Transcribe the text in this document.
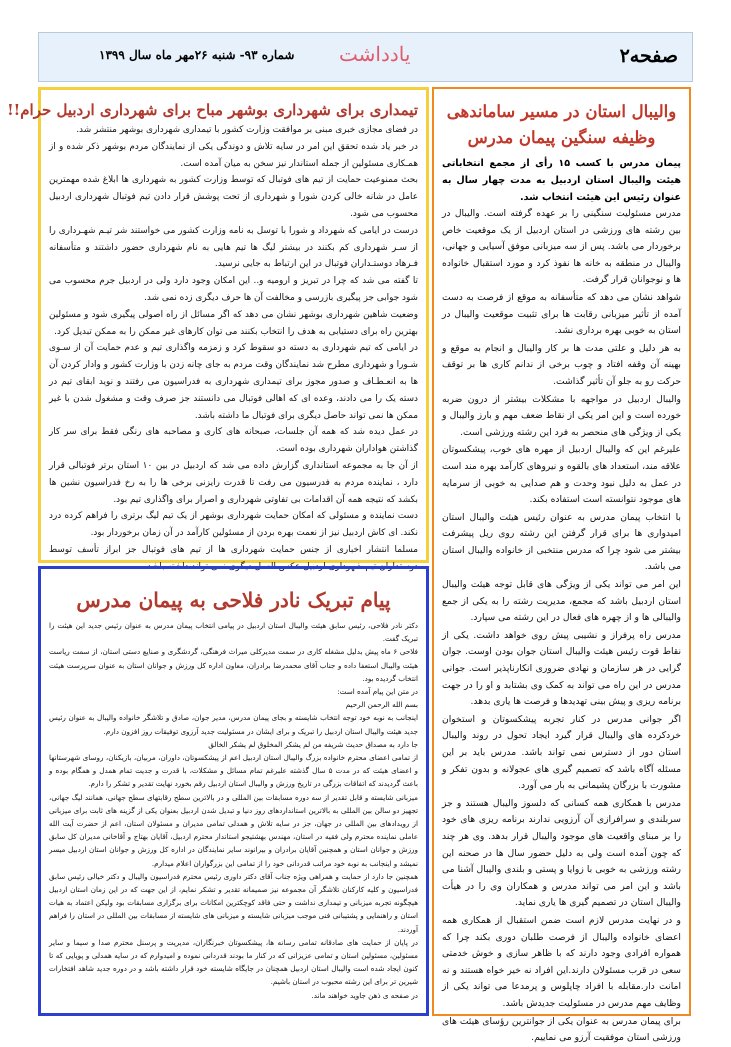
صفحه۲
یادداشت
شماره ۹۳- شنبه ۲۶مهر ماه سال ۱۳۹۹
والیبال استان در مسیر ساماندهی
وظیفه سنگین پیمان مدرس
پیمان مدرس با کسب ۱۵ رأی از مجمع انتخاباتی هیئت والیبال استان اردبیل به مدت چهار سال به عنوان رئیس این هیئت انتخاب شد.

مدرس مسئولیت سنگینی را بر عهده گرفته است. والیبال در بین رشته های ورزشی در استان اردبیل از یک موقعیت خاص برخوردار می باشد. پس از سه میزبانی موفق آسیایی و جهانی، والیبال در منطقه به خانه ها نفوذ کرد و مورد استقبال خانواده ها و نوجوانان قرار گرفت.

شواهد نشان می دهد که متأسفانه به موقع از فرصت به دست آمده از تأثیر میزبانی رقابت ها برای تثبیت موقعیت والیبال در استان به خوبی بهره برداری نشد.

به هر دلیل و علتی مدت ها بر کار والیبال و انجام به موقع و بهینه آن وقفه افتاد و چوب برخی از ندانم کاری ها بر توقف حرکت رو به جلو آن تأثیر گذاشت.

والیبال اردبیل در مواجهه با مشکلات بیشتر از درون ضربه خورده است و این امر یکی از نقاط ضعف مهم و بارز والیبال و یکی از ویژگی های منحصر به فرد این رشته ورزشی است.

علیرغم این که والیبال اردبیل از مهره های خوب، پیشکسوتان علاقه مند، استعداد های بالقوه و نیروهای کارآمد بهره مند است در عمل به دلیل نبود وحدت و هم صدایی به خوبی از سرمایه های موجود نتوانسته است استفاده بکند.

با انتخاب پیمان مدرس به عنوان رئیس هیئت والیبال استان امیدواری ها برای قرار گرفتن این رشته روی ریل پیشرفت بیشتر می شود چرا که مدرس منتخبی از خانواده والیبال استان می باشد.

این امر می تواند یکی از ویژگی های قابل توجه هیئت والیبال استان اردبیل باشد که مجمع، مدیریت رشته را به یکی از جمع والیبالی ها و از چهره های فعال در این رشته می سپارد.

مدرس راه پرفراز و نشیبی پیش روی خواهد داشت. یکی از نقاط قوت رئیس هیئت والیبال استان جوان بودن اوست. جوان گرایی در هر سازمان و نهادی ضروری انکارناپذیر است. جوانی مدرس در این راه می تواند به کمک وی بشتابد و او را در جهت برنامه ریزی و پیش بینی تهدیدها و فرصت ها یاری بدهد.

اگر جوانی مدرس در کنار تجربه پیشکسوتان و استخوان خردکرده های والیبال قرار گیرد ایجاد تحول در روند والیبال استان دور از دسترس نمی تواند باشد. مدرس باید بر این مسئله آگاه باشد که تصمیم گیری های عجولانه و بدون تفکر و مشورت با بزرگان پشیمانی به بار می آورد.

مدرس با همکاری همه کسانی که دلسوز والیبال هستند و جز سربلندی و سرافرازی آن آرزویی ندارند برنامه ریزی های خود را بر مبنای واقعیت های موجود والیبال قرار بدهد. وی هر چند که چون آمده است ولی به دلیل حضور سال ها در صحنه این رشته ورزشی به خوبی با زوایا و پستی و بلندی والیبال آشنا می باشد و این امر می تواند مدرس و همکاران وی را در هیأت والیبال استان در تصمیم گیری ها یاری نماید.

و در نهایت مدرس لازم است ضمن استقبال از همکاری همه اعضای خانواده والیبال از فرصت طلبان دوری بکند چرا که همواره افرادی وجود دارند که با ظاهر سازی و خوش خدمتی سعی در قرب مسئولان دارند.این افراد نه خیر خواه هستند و نه امانت دار.مقابله با افراد چاپلوس و پرمدعا می تواند یکی از وظایف مهم مدرس در مسئولیت جدیدش باشد.

برای پیمان مدرس به عنوان یکی از جوانترین رؤسای هیئت های ورزشی استان موفقیت آرزو می نماییم.

تیمداری برای شهرداری بوشهر مباح برای شهرداری اردبیل حرام!!

در فضای مجازی خبری مبنی بر موافقت وزارت کشور با تیمداری شهرداری بوشهر منتشر شد.

در خبر یاد شده تحقق این امر در سایه تلاش و دوندگی یکی از نمایندگان مردم بوشهر ذکر شده و از همـکاری مسئولین از جمله استاندار نیز سخن به میان آمده است.

بحث ممنوعیت حمایت از تیم های فوتبال که توسط وزارت کشور به شهرداری ها ابلاغ شده مهمترین عامل در شانه خالی کردن شورا و شهرداری از تحت پوشش قرار دادن تیم فوتبال شهرداری اردبیل محسوب می شود.

درست در ایامی که شهرداد و شورا با توسل به نامه وزارت کشور می خواستند شر تیـم شهـرداری را از سـر شهرداری کم بکنند در بیشتر لیگ ها تیم هایی به نام شهرداری حضور داشتند و متأسفانه فـرهاد دوستـداران فوتبال در این ارتباط به جایی نرسید.

تا گفته می شد که چرا در تبریز و ارومیه و.. این امکان وجود دارد ولی در اردبیل جرم محسوب می شود جوابی جز پیگیری بازرسی و مخالفت آن ها حرف دیگری زده نمی شد.

وضعیت شاهین شهرداری بوشهر نشان می دهد که اگر مسائل از راه اصولی پیگیری شود و مسئولین بهترین راه برای دستیابی به هدف را انتخاب بکنند می توان کارهای غیر ممکن را به ممکن تبدیل کرد.

در ایامی که تیم شهرداری به دسته دو سقوط کرد و زمزمه واگذاری تیم و عدم حمایت آن از سـوی شـورا و شهرداری مطرح شد نمایندگان وقت مردم به جای چانه زدن با وزارت کشور و وادار کردن آن ها به انعـطـاف و صدور مجوز برای تیمداری شهرداری به فدراسیون می رفتند و نوید ابقای تیم در دسته یک را می دادند، وعده ای که اهالی فوتبال می دانستند جز صرف وقت و مشغول شدن با غیر ممکن ها نمی تواند حاصل دیگری برای فوتبال ما داشته باشد.

در عمل دیده شد که همه آن جلسات، صبحانه های کاری و مصاحبه های رنگی فقط برای سر کار گذاشتن هواداران شهرداری بوده است.

از آن جا به مجموعه استانداری گزارش داده می شد که اردبیل در بین ۱۰ استان برتر فوتبالی قرار دارد ، نماینده مردم به فدرسیون می رفت تا قدرت رایزنی برخی ها را به رخ فدراسیون نشین ها بکشد که نتیجه همه آن اقدامات بی تفاوتی شهرداری و اصرار برای واگذاری تیم بود.

دست نماینده و مسئولی که امکان حمایت شهرداری بوشهر از یک تیم لیگ برتری را فراهم کرده درد نکند. ای کاش اردبیل نیز از نعمت بهره بردن از مسئولین کارآمد در آن زمان برخوردار بود.

مسلما انتشار اخباری از جنس حمایت شهرداری ها از تیم های فوتبال جز ابراز تأسف توسط دوستداران تیم شهرداری اردبیل عکس العمل دیگری نمی تواند داشته باشد.

پیام تبریک نادر فلاحی به پیمان مدرس

دکتر نادر فلاحی، رئیس سابق هیئت والیبال استان اردبیل در پیامی انتخاب پیمان مدرس به عنوان رئیس جدید این هیئت را تبریک گفت.

فلاحی ۶ ماه پیش بدلیل مشغله کاری در سمت مدیرکلی میراث فرهنگی، گردشگری و صنایع دستی استان، از سمت ریاست هیئت والیبال استعفا داده و جناب آقای محمدرضا برادران، معاون اداره کل ورزش و جوانان استان به عنوان سرپرست هیئت انتخاب گردیده بود.

در متن این پیام آمده است:

بسم الله الرحمن الرحیم

اینجانب به نوبه خود توجه انتخاب شایسته و بجای پیمان مدرس، مدیر جوان، صادق و تلاشگر خانواده والیبال به عنوان رئیس جدید هیئت والیبال استان اردبیل را تبریک و برای ایشان در مسئولیت جدید آرزوی توفیقات روز افزون دارم.

جا دارد به مصداق حدیث شریفه من لم یشکر المخلوق لم یشکر الخالق

از تمامی اعضای محترم خانواده بزرگ والیبال استان اردبیل اعم از پیشکسوتان، داوران، مربیان، بازیکنان، روسای شهرستانها و اعضای هیئت که در مدت ۵ سال گذشته علیرغم تمام مسائل و مشکلات، با قدرت و جدیت تمام همدل و همگام بوده و باعث گردیدند که اتفاقات بزرگی در تاریخ ورزش و والیبال استان اردبیل رقم بخورد نهایت تقدیر و تشکر را دارم.

میزبانی شایسته و قابل تقدیر از سه دوره مسابقات بین المللی و در بالاترین سطح رقابتهای سطح جهانی، همانند لیگ جهانی، تجهیز دو سالن بین المللی به بالاترین استانداردهای روز دنیا و تبدیل شدن اردبیل بعنوان یکی از گزینه های ثابت برای میزبانی از رویدادهای بین المللی در جهان، جز در سایه تلاش و همدلی تمامی مدیران و مسئولان استان، اعم از حضرت آیت الله عاملی نماینده محترم ولی فقیه در استان، مهندس بهشتیجو استاندار محترم اردبیل، آقایان بهتاج و آقاخانی مدیران کل سابق ورزش و جوانان استان و همچنین آقایان برادران و بیرانوند سایر نمایندگان در اداره کل ورزش و جوانان استان اردبیل میسر نمیشد و اینجانب به نوبه خود مراتب قدردانی خود را از تمامی این بزرگواران اعلام میدارم.

همچنین جا دارد از حمایت و همراهی ویژه جناب آقای دکتر داوری رئیس محترم فدراسیون والیبال و دکتر خیالی رئیس سابق فدراسیون و کلیه کارکنان تلاشگر آن مجموعه نیز صمیمانه تقدیر و تشکر نمایم، از این جهت که در این زمان استان اردبیل هیچگونه تجربه میزبانی و تیمداری نداشت و حتی فاقد کوچکترین امکانات برای برگزاری مسابقات بود ولیکن اعتماد به هیات استان و راهنمایی و پشتیبانی فنی موجب میزبانی شایسته و میزبانی های شایسته از مسابقات بین المللی در استان را فراهم آوردند.

در پایان از حمایت های صادقانه تمامی رسانه ها، پیشکسوتان خبرنگاران، مدیریت و پرسنل محترم صدا و سیما و سایر مسئولین، مسئولین استان و تمامی عزیزانی که در کنار ما بودند قدردانی نموده و امیدوارم که در سایه همدلی و پویایی که تا کنون ایجاد شده است والیبال استان اردبیل همچنان در جایگاه شایسته خود قرار داشته باشد و در دوره جدید شاهد افتخارات شیرین تر برای این رشته محبوب در استان باشیم.

در صفحه ی ذهن جاوید خواهند ماند.
